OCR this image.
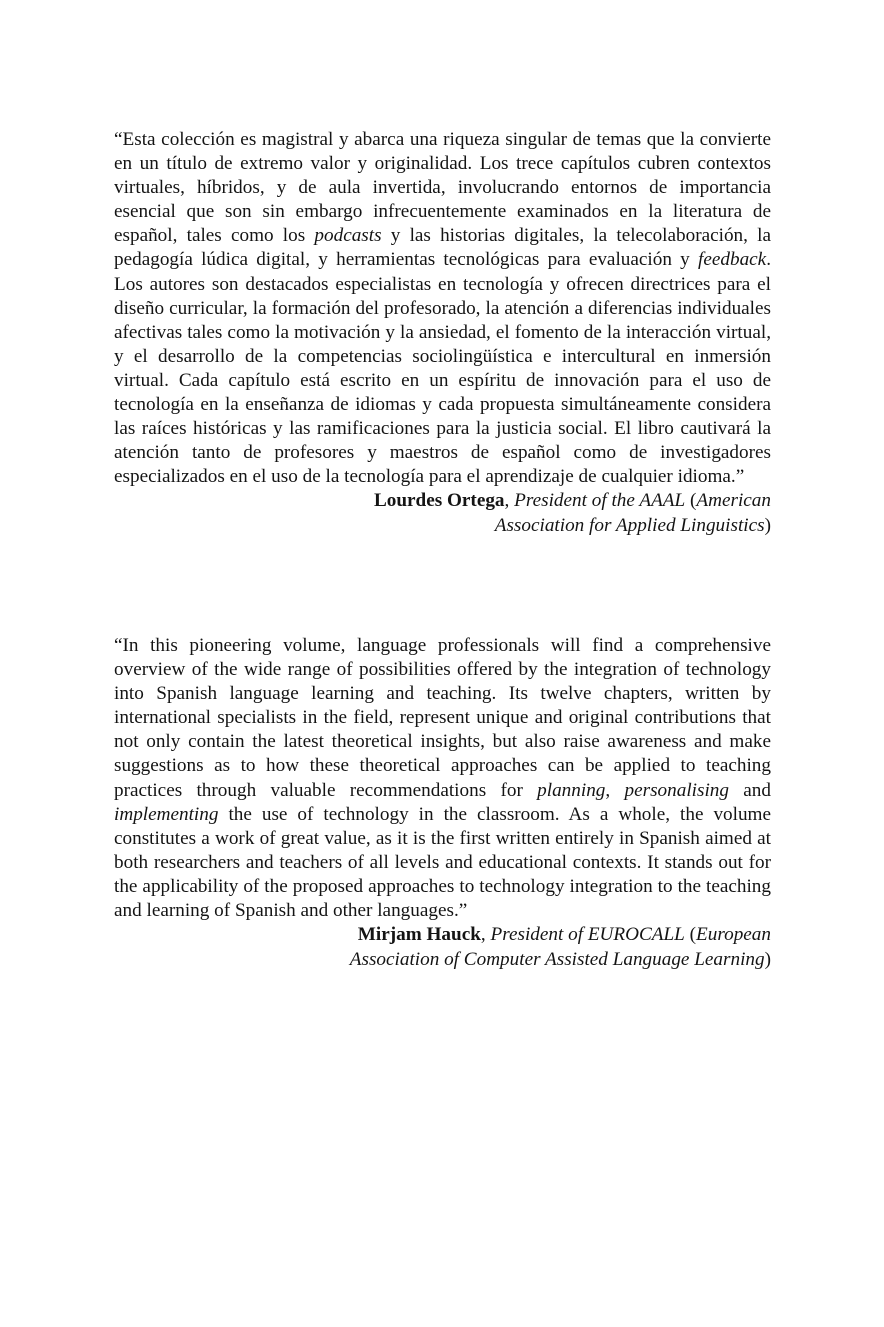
“Esta colección es magistral y abarca una riqueza singular de temas que la convierte en un título de extremo valor y originalidad. Los trece capítulos cubren contextos virtuales, híbridos, y de aula invertida, involucrando entornos de importancia esencial que son sin embargo infrecuentemente examinados en la literatura de español, tales como los podcasts y las historias digitales, la telecolaboración, la pedagogía lúdica digital, y herramientas tecnológicas para evaluación y feedback. Los autores son destacados especialistas en tecnología y ofrecen directrices para el diseño curricular, la formación del profesorado, la atención a diferencias individuales afectivas tales como la motivación y la ansiedad, el fomento de la interacción virtual, y el desarrollo de la competencias sociolingüística e intercultural en inmersión virtual. Cada capítulo está escrito en un espíritu de innovación para el uso de tecnología en la enseñanza de idiomas y cada propuesta simultáneamente considera las raíces históricas y las ramificaciones para la justicia social. El libro cautivará la atención tanto de profesores y maestros de español como de investigadores especializados en el uso de la tecnología para el aprendizaje de cualquier idioma.”

Lourdes Ortega, President of the AAAL (American
Association for Applied Linguistics)

“In this pioneering volume, language professionals will find a comprehensive overview of the wide range of possibilities offered by the integration of technology into Spanish language learning and teaching. Its twelve chapters, written by international specialists in the field, represent unique and original contributions that not only contain the latest theoretical insights, but also raise awareness and make suggestions as to how these theoretical approaches can be applied to teaching practices through valuable recommendations for planning, personalising and implementing the use of technology in the classroom. As a whole, the volume constitutes a work of great value, as it is the first written entirely in Spanish aimed at both researchers and teachers of all levels and educational contexts. It stands out for the applicability of the proposed approaches to technology integration to the teaching and learning of Spanish and other languages.”

Mirjam Hauck, President of EUROCALL (European
Association of Computer Assisted Language Learning)
